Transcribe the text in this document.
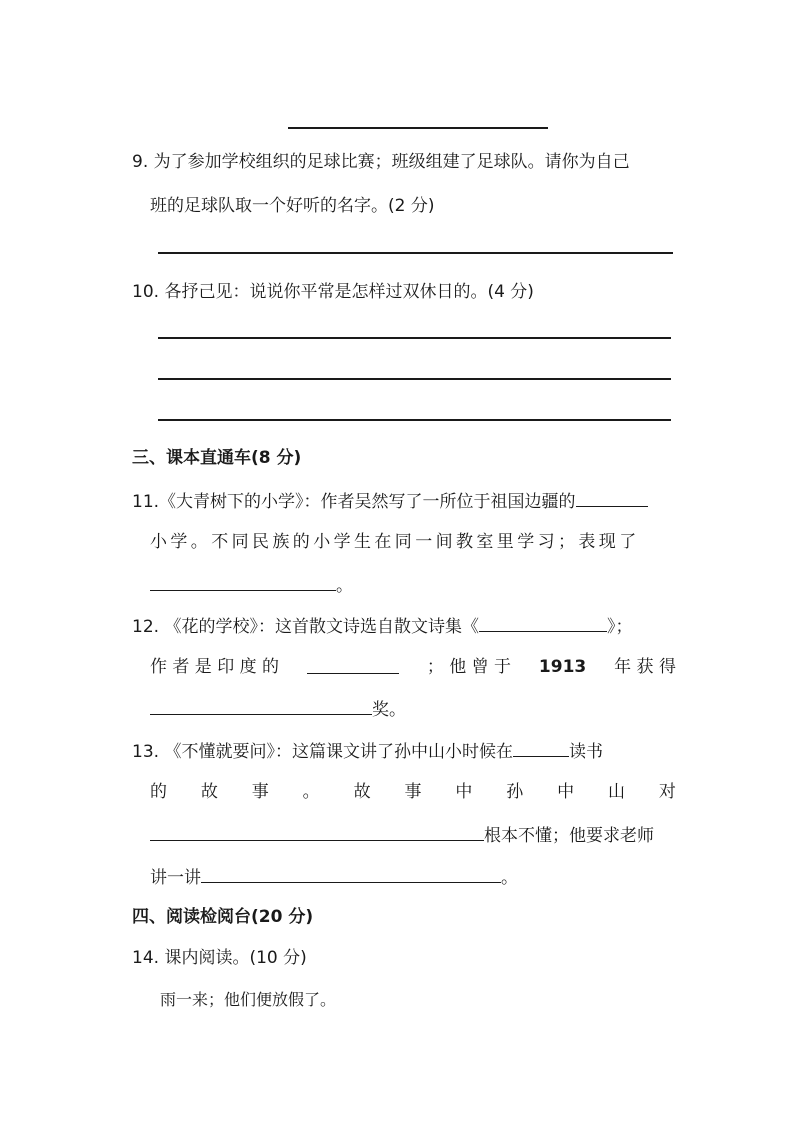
9. 为了参加学校组织的足球比赛；班级组建了足球队。请你为自己
班的足球队取一个好听的名字。(2 分)
10. 各抒己见：说说你平常是怎样过双休日的。(4 分)
三、课本直通车(8 分)
11.《大青树下的小学》：作者吴然写了一所位于祖国边疆的
小学。不同民族的小学生在同一间教室里学习；表现了
。
12. 《花的学校》：这首散文诗选自散文诗集《	》；
作 者 是 印 度 的	； 他 曾 于 1913 年 获 得
奖。
13. 《不懂就要问》：这篇课文讲了孙中山小时候在	读书
的 故 事 。 故 事 中 孙 中 山 对
根本不懂；他要求老师
讲一讲	。
四、阅读检阅台(20 分)
14. 课内阅读。(10 分)
雨一来；他们便放假了。
